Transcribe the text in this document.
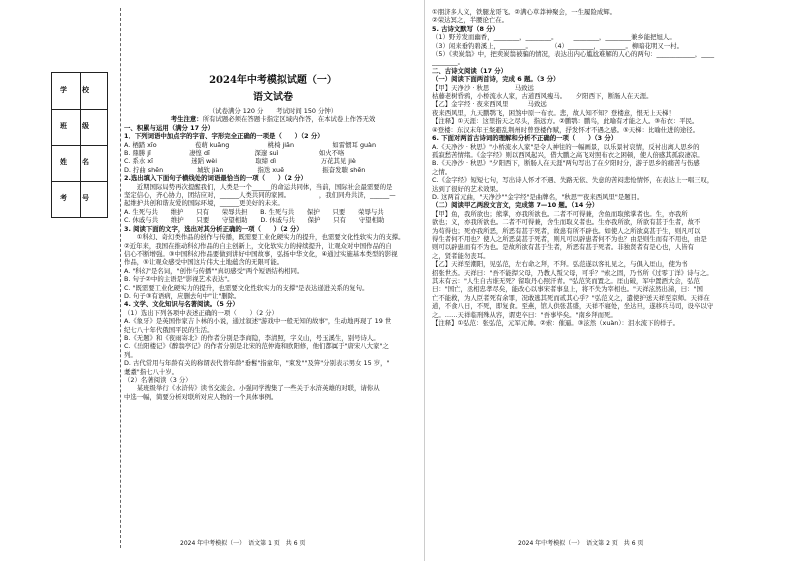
学　校
班　级
姓　名
考　号
2024年中考模拟试题（一）
语文试卷
（试卷满分 120 分　　考试时间 150 分钟）
考生注意：所有试题必须在答题卡指定区域内作答，在本试卷上作答无效
一、积累与运用（满分 17 分）
1．下列词语中加点字的字音、字形完全正确的一项是（　　）（2 分）
A. 栖踏 xīo　　　　　　苞萌 kuāng　　　　　　桃椅 jiān　　　　　　如雷惯耳 guàn
B. 鼎勝 jǐ　　　　　　凄惶 dī　　　　　　　深邃 suì　　　　　　 如火不咯
C. 系水 xī　　　　　　迷蹈 wèi　　　　　　取缔 dì　　　　　　　万花其见 jiè
D. 拧曲 shēn　　　　　 城软 jiàn　　　　　 指迭 xuē　　　　　　振奋发聩 shēn
2.选出填入下面句子横线处的词语最恰当的一项（　　）（2 分）
　　近期国际局势再次提醒我们，人类是一个______的命运共同体，当前，国际社会最需要的是
坚定信心，齐心协力，团结应对，______人类共同的家园。　　　　　，我们同舟共济，______—
起维护共创和谐友爱的国际环境，______更美好的未来。
A. 生死与共　　维护　　只有　　荣辱共担　　B. 生死与共　　保护　　只要　　荣辱与共
C. 休戚与共　　维护　　只要　　守望相助　　D. 休戚与共　　保护　　只有　　守望相助
3. 阅读下面的文字，选出对其分析正确的一项（　　）（2 分）
　　①科幻、奇幻类作品的创作与传播，既需要工业化硬实力的提升，也需要文化性软实力的支撑。
②近年来，我国在推动科幻作品的自主创新上，文化软实力的持续提升，让观众对中国作品的自
信心不断增强。③中国科幻作品要做到讲好中国故事，弘扬中华文化，④通过实施基本类型的影视
作品，⑤让观众感受中国这片伟大土地蕴含的无限可能。
A. "科幻"是名词，"创作与传播""真切感受"两个短语结构相同。
B. 句子②中的主语是"影视艺术表达"。
C. "既需要工业化硬实力的提升，也需要文化性软实力的支撑"是表达递进关系的复句。
D. 句子③有语病，应删去句中"让"删除。
4. 文学、文化知识与名著阅读。（5 分）
（1）选出下列各项中表述正确的一项（　　）（2 分）
A.《象牙》是英国作家吉卜林的小说，通过叙述"游戏中一般无知的故事"，生动地再现了 19 世
纪七八十年代俄国平民的生活。
B.《无题》和《夜雨寄北》的作者分别是李商隐，李清照，字义山，号玉溪生，别号诗人。
C.《岳阳楼记》《醉翁亭记》的作者分别是北宋的范仲淹和欧阳修，他们都属于"唐宋八大家"之
列。
D. 古代常用与年龄有关的称谓表代替年龄"垂髫"指童年，"束发""及笄"分别表示男女 15 岁，"
耄耋"指七八十岁。
（2）名著阅读（3 分）
　　某班级举行《水浒传》读书交流会。小强同学搜集了一些关于水浒英雄的对联，请你从
中选一幅，简要分析对联所对应人物的一个具体事例。
2024 年中考模拟（一）　语文第 1 页　共 6 页
①朋济多人义，铁腿龙哥飞。②满心草莽神聚会，一生履险成辉。
②荣达冥之，半腰论亡在。
5. 古诗文默写（8 分）
（1）野芳发而幽香，________，________。　　　________，________兼乡能把旭人。
（3）闲来垂钓碧溪上，________。　　　　（4）________，________。柳暗花明又一村。
（5）《卖炭翁》中，把卖炭翁被骗的情况，表达出内心尴尬难解的人心的两句：____________，____
________。
二、古诗文阅读（17 分）
（一）阅读下面两首诗，完成 6 题。（3 分）
【甲】天净沙 · 秋思　　　　马致远
枯藤老树昏鸦，小桥流水人家，古道西风瘦马。　　夕阳西下，断肠人在天涯。
【乙】金字经 · 夜来西风里　　　马致远
夜来西风里，九天鹏鹗飞，困煞中原一布衣。悲，故人知不知？登楼意，恨无上天梯！
【注释】①天涯：这里指天之尽头，指远方。②鹏鹗：鹏鸟，此喻有才能之人。③布衣：平民。
④登楼：东汉末年王粲避乱荆州时曾登楼作赋，抒发怀才不遇之感。⑤天梯：比喻仕进的途径。
6. 下面对两首古诗词的理解和分析不正确的一项（　　）（3 分）
A.《天净沙 · 秋思》"小桥流水人家"是令人神往的一幅画景，以乐景衬哀情，反衬出离人思乡的
孤寂愁苦情绪。《金字经》则以西风起兴，借大鹏之高飞对照布衣之困顿，使人倍感其孤寂凄凉。
B.《天净沙 · 秋思》"夕阳西下，断肠人在天涯"两句写出了在夕阳时分，游子思乡的痛苦与伤感
之情。
C.《金字经》短短七句，写出诗人怀才不遇、失路无依、失意的苦闷悲怆情怀，在表达上一唱三叹，
达到了很好的艺术效果。
D. 这两首元曲，"天净沙""金字经"是曲牌名，"秋思""夜来西风里"是题目。
（二）阅读甲乙两段文言文，完成第 7—10 题。（14 分）
【甲】鱼，我所欲也；熊掌，亦我所欲也。二者不可得兼，舍鱼而取熊掌者也。生，亦我所
欲也；义，亦我所欲也。二者不可得兼，舍生而取义者也。生亦我所欲，所欲有甚于生者，故不
为苟得也；死亦我所恶，所恶有甚于死者，故患有所不辟也。如使人之所欲莫甚于生，则凡可以
得生者何不用也？使人之所恶莫甚于死者，则凡可以辟患者何不为也？由是则生而有不用也，由是
则可以辟患而有不为也。是故所欲有甚于生者，所恶有甚于死者。非独贤者有是心也，人皆有
之，贤者能勿丧耳。
【乙】天祥至潮阳，见弘范，左右命之拜，不拜。弘范遂以客礼见之，与俱入厓山，使为书
招张世杰。天祥曰："吾不能捍父母，乃教人叛父母，可乎？"索之固，乃书所《过零丁洋》诗与之。
其末有云："人生自古谁无死？留取丹心照汗青。"弘范笑而置之。厓山破，军中置酒大会，弘范
曰："国亡，丞相忠孝尽矣，能改心以事宋者事皇上，将不失为宰相也。"天祥泫然出涕，曰："国
亡不能救，为人臣者死有余罪，况敢逃其死而贰其心乎？"弘范义之，遣使护送天祥至京师。天祥在
道，不食八日，不死，即复食。至燕，馆人供张甚盛，天祥不寝处，坐达旦，遂移兵马司，设卒以守
之。……天祥临刑殊从容，谓吏卒曰："吾事毕矣。"南乡拜而死。
【注释】①弘范：张弘范，元军元帅。②索：催逼。③泫然（xuàn）：泪水流下的样子。
2024 年中考模拟（一）　语文第 2 页　共 6 页
